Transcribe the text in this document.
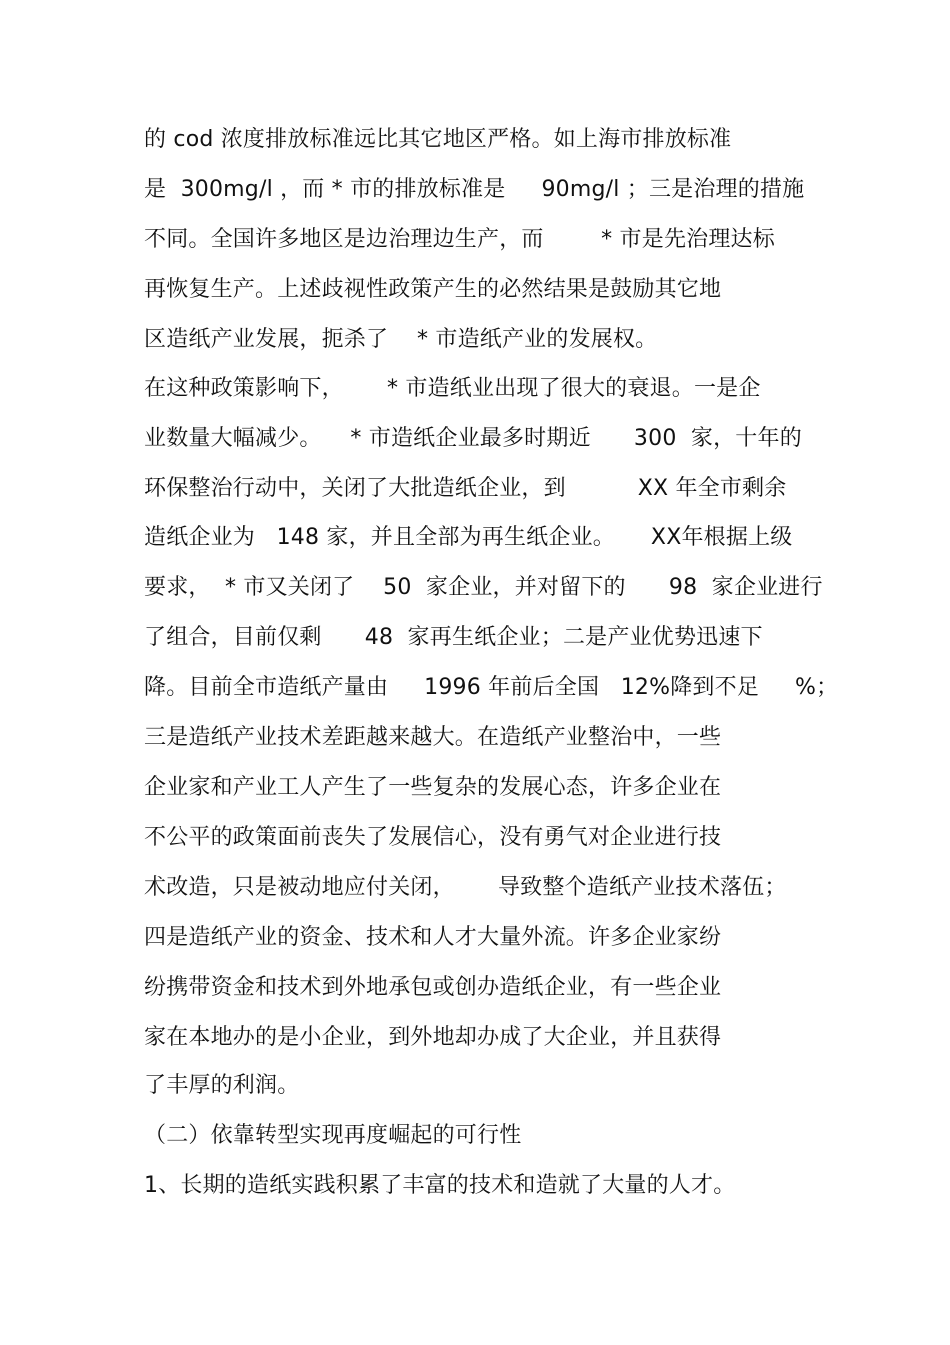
的 cod 浓度排放标准远比其它地区严格。如上海市排放标准
是  300mg/l ，而 * 市的排放标准是     90mg/l ；三是治理的措施
不同。全国许多地区是边治理边生产，而        * 市是先治理达标
再恢复生产。上述歧视性政策产生的必然结果是鼓励其它地
区造纸产业发展，扼杀了    * 市造纸产业的发展权。
在这种政策影响下，      * 市造纸业出现了很大的衰退。一是企
业数量大幅减少。    * 市造纸企业最多时期近      300  家，十年的
环保整治行动中，关闭了大批造纸企业，到          XX 年全市剩余
造纸企业为   148 家，并且全部为再生纸企业。     XX年根据上级
要求，  * 市又关闭了    50  家企业，并对留下的      98  家企业进行
了组合，目前仅剩      48  家再生纸企业；二是产业优势迅速下
降。目前全市造纸产量由     1996 年前后全国   12%降到不足     %；
三是造纸产业技术差距越来越大。在造纸产业整治中，一些
企业家和产业工人产生了一些复杂的发展心态，许多企业在
不公平的政策面前丧失了发展信心，没有勇气对企业进行技
术改造，只是被动地应付关闭，      导致整个造纸产业技术落伍；
四是造纸产业的资金、技术和人才大量外流。许多企业家纷
纷携带资金和技术到外地承包或创办造纸企业，有一些企业
家在本地办的是小企业，到外地却办成了大企业，并且获得
了丰厚的利润。
（二）依靠转型实现再度崛起的可行性
1、长期的造纸实践积累了丰富的技术和造就了大量的人才。
